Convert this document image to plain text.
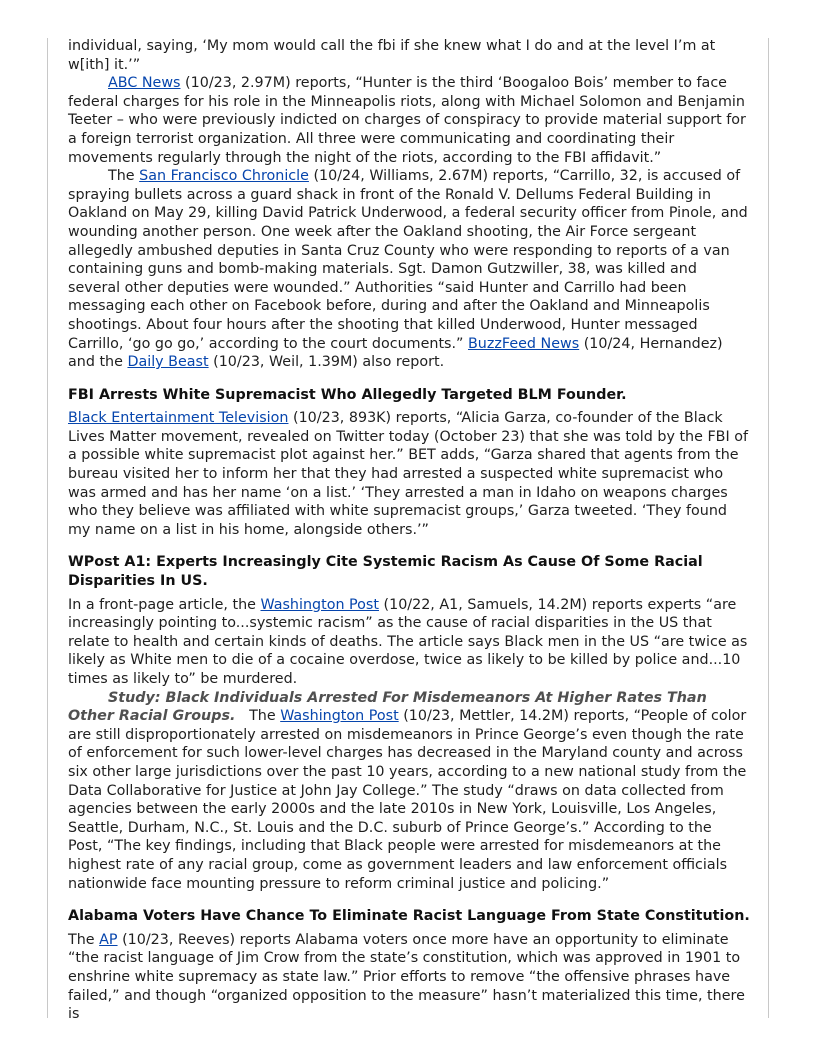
individual, saying, ‘My mom would call the fbi if she knew what I do and at the level I’m at w[ith] it.’”

ABC News (10/23, 2.97M) reports, “Hunter is the third ‘Boogaloo Bois’ member to face federal charges for his role in the Minneapolis riots, along with Michael Solomon and Benjamin Teeter – who were previously indicted on charges of conspiracy to provide material support for a foreign terrorist organization. All three were communicating and coordinating their movements regularly through the night of the riots, according to the FBI affidavit.”

The San Francisco Chronicle (10/24, Williams, 2.67M) reports, “Carrillo, 32, is accused of spraying bullets across a guard shack in front of the Ronald V. Dellums Federal Building in Oakland on May 29, killing David Patrick Underwood, a federal security officer from Pinole, and wounding another person. One week after the Oakland shooting, the Air Force sergeant allegedly ambushed deputies in Santa Cruz County who were responding to reports of a van containing guns and bomb-making materials. Sgt. Damon Gutzwiller, 38, was killed and several other deputies were wounded.” Authorities “said Hunter and Carrillo had been messaging each other on Facebook before, during and after the Oakland and Minneapolis shootings. About four hours after the shooting that killed Underwood, Hunter messaged Carrillo, ‘go go go,’ according to the court documents.” BuzzFeed News (10/24, Hernandez) and the Daily Beast (10/23, Weil, 1.39M) also report.

FBI Arrests White Supremacist Who Allegedly Targeted BLM Founder.

Black Entertainment Television (10/23, 893K) reports, “Alicia Garza, co-founder of the Black Lives Matter movement, revealed on Twitter today (October 23) that she was told by the FBI of a possible white supremacist plot against her.” BET adds, “Garza shared that agents from the bureau visited her to inform her that they had arrested a suspected white supremacist who was armed and has her name ‘on a list.’ ‘They arrested a man in Idaho on weapons charges who they believe was affiliated with white supremacist groups,’ Garza tweeted. ‘They found my name on a list in his home, alongside others.’”

WPost A1: Experts Increasingly Cite Systemic Racism As Cause Of Some Racial Disparities In US.

In a front-page article, the Washington Post (10/22, A1, Samuels, 14.2M) reports experts “are increasingly pointing to...systemic racism” as the cause of racial disparities in the US that relate to health and certain kinds of deaths. The article says Black men in the US “are twice as likely as White men to die of a cocaine overdose, twice as likely to be killed by police and...10 times as likely to” be murdered.

Study: Black Individuals Arrested For Misdemeanors At Higher Rates Than Other Racial Groups. The Washington Post (10/23, Mettler, 14.2M) reports, “People of color are still disproportionately arrested on misdemeanors in Prince George’s even though the rate of enforcement for such lower-level charges has decreased in the Maryland county and across six other large jurisdictions over the past 10 years, according to a new national study from the Data Collaborative for Justice at John Jay College.” The study “draws on data collected from agencies between the early 2000s and the late 2010s in New York, Louisville, Los Angeles, Seattle, Durham, N.C., St. Louis and the D.C. suburb of Prince George’s.” According to the Post, “The key findings, including that Black people were arrested for misdemeanors at the highest rate of any racial group, come as government leaders and law enforcement officials nationwide face mounting pressure to reform criminal justice and policing.”

Alabama Voters Have Chance To Eliminate Racist Language From State Constitution.

The AP (10/23, Reeves) reports Alabama voters once more have an opportunity to eliminate “the racist language of Jim Crow from the state’s constitution, which was approved in 1901 to enshrine white supremacy as state law.” Prior efforts to remove “the offensive phrases have failed,” and though “organized opposition to the measure” hasn’t materialized this time, there is
